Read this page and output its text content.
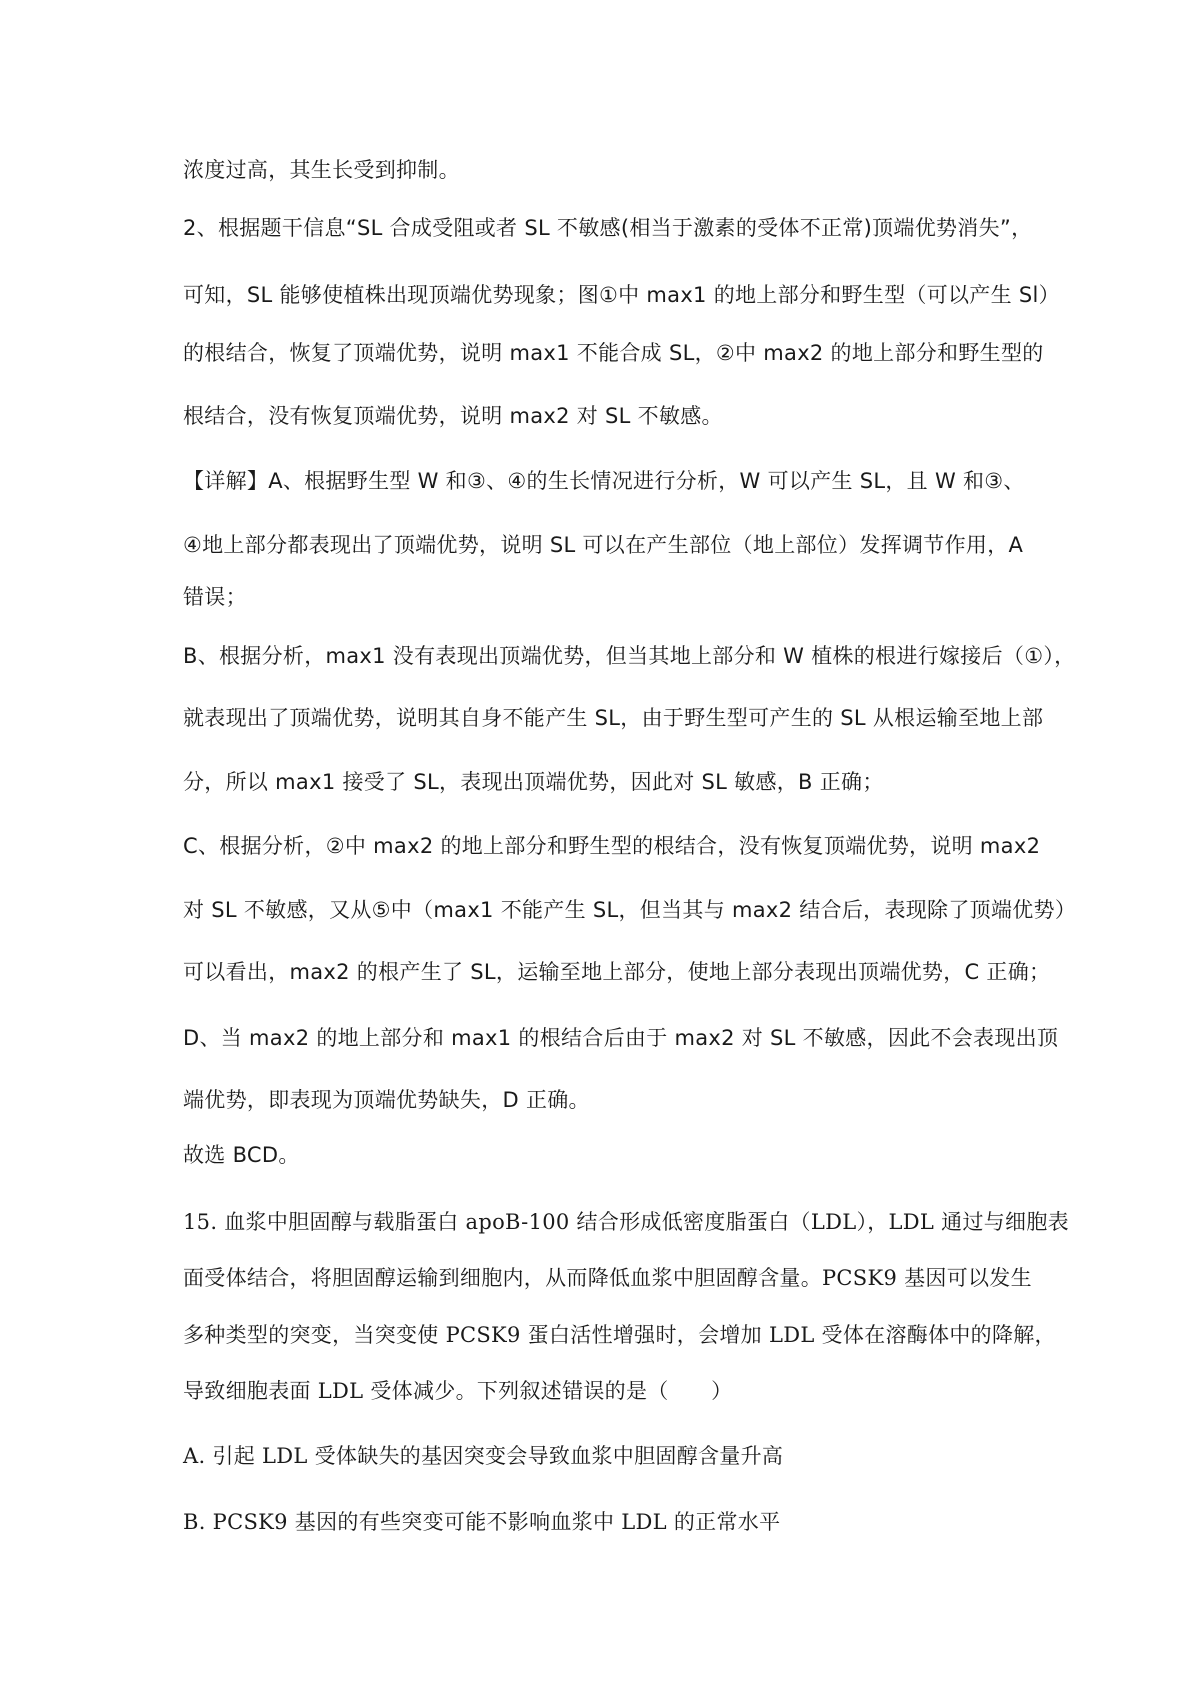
浓度过高，其生长受到抑制。
2、根据题干信息“SL 合成受阻或者 SL 不敏感(相当于激素的受体不正常)顶端优势消失”，
可知，SL 能够使植株出现顶端优势现象；图①中 max1 的地上部分和野生型（可以产生 Sl）
的根结合，恢复了顶端优势，说明 max1 不能合成 SL，②中 max2 的地上部分和野生型的
根结合，没有恢复顶端优势，说明 max2 对 SL 不敏感。
【详解】A、根据野生型 W 和③、④的生长情况进行分析，W 可以产生 SL，且 W 和③、
④地上部分都表现出了顶端优势，说明 SL 可以在产生部位（地上部位）发挥调节作用，A
错误；
B、根据分析，max1 没有表现出顶端优势，但当其地上部分和 W 植株的根进行嫁接后（①），
就表现出了顶端优势，说明其自身不能产生 SL，由于野生型可产生的 SL 从根运输至地上部
分，所以 max1 接受了 SL，表现出顶端优势，因此对 SL 敏感，B 正确；
C、根据分析，②中 max2 的地上部分和野生型的根结合，没有恢复顶端优势，说明 max2
对 SL 不敏感，又从⑤中（max1 不能产生 SL，但当其与 max2 结合后，表现除了顶端优势）
可以看出，max2 的根产生了 SL，运输至地上部分，使地上部分表现出顶端优势，C 正确；
D、当 max2 的地上部分和 max1 的根结合后由于 max2 对 SL 不敏感，因此不会表现出顶
端优势，即表现为顶端优势缺失，D 正确。
故选 BCD。
15. 血浆中胆固醇与载脂蛋白 apoB-100 结合形成低密度脂蛋白（LDL），LDL 通过与细胞表
面受体结合，将胆固醇运输到细胞内，从而降低血浆中胆固醇含量。PCSK9 基因可以发生
多种类型的突变，当突变使 PCSK9 蛋白活性增强时，会增加 LDL 受体在溶酶体中的降解，
导致细胞表面 LDL 受体减少。下列叙述错误的是（　　）
A. 引起 LDL 受体缺失的基因突变会导致血浆中胆固醇含量升高
B. PCSK9 基因的有些突变可能不影响血浆中 LDL 的正常水平
